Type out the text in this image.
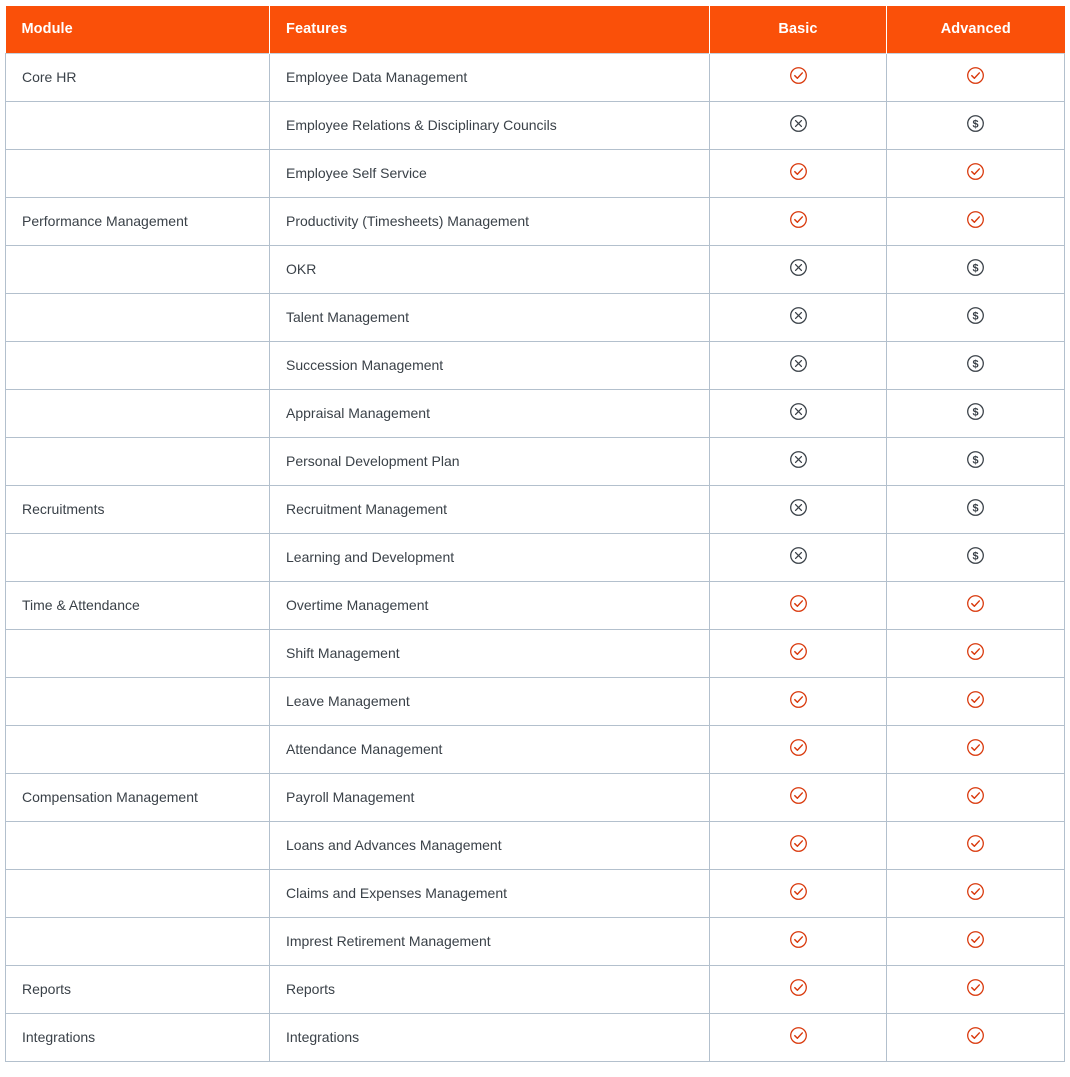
Module	Features	Basic	Advanced
Core HR	Employee Data Management	

	Employee Relations & Disciplinary Councils		$

	Employee Self Service	

Performance Management	Productivity (Timesheets) Management	

	OKR		$

	Talent Management		$

	Succession Management		$

	Appraisal Management		$

	Personal Development Plan		$

Recruitments	Recruitment Management		$

	Learning and Development		$

Time & Attendance	Overtime Management	

	Shift Management	

	Leave Management	

	Attendance Management	

Compensation Management	Payroll Management	

	Loans and Advances Management	

	Claims and Expenses Management	

	Imprest Retirement Management	

Reports	Reports	

Integrations	Integrations	
